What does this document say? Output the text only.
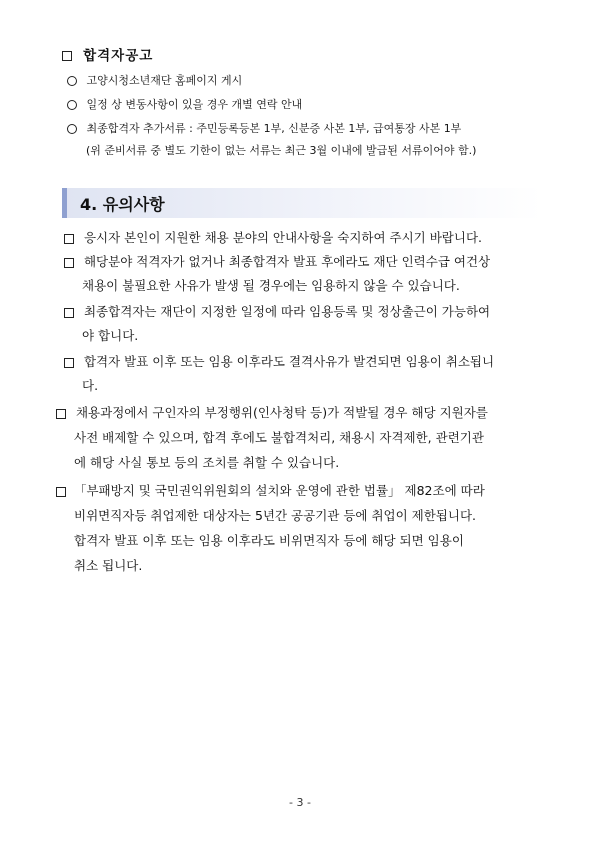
합격자공고
고양시청소년재단 홈페이지 게시
일정 상 변동사항이 있을 경우 개별 연락 안내
최종합격자 추가서류 : 주민등록등본 1부, 신분증 사본 1부, 급여통장 사본 1부
(위 준비서류 중 별도 기한이 없는 서류는 최근 3월 이내에 발급된 서류이어야 함.)
4. 유의사항
응시자 본인이 지원한 채용 분야의 안내사항을 숙지하여 주시기 바랍니다.
해당분야 적격자가 없거나 최종합격자 발표 후에라도 재단 인력수급 여건상
채용이 불필요한 사유가 발생 될 경우에는 임용하지 않을 수 있습니다.
최종합격자는 재단이 지정한 일정에 따라 임용등록 및 정상출근이 가능하여
야 합니다.
합격자 발표 이후 또는 임용 이후라도 결격사유가 발견되면 임용이 취소됩니
다.
채용과정에서 구인자의 부정행위(인사청탁 등)가 적발될 경우 해당 지원자를
사전 배제할 수 있으며, 합격 후에도 불합격처리, 채용시 자격제한, 관련기관
에 해당 사실 통보 등의 조치를 취할 수 있습니다.
「부패방지 및 국민권익위원회의 설치와 운영에 관한 법률」 제82조에 따라
비위면직자등 취업제한 대상자는 5년간 공공기관 등에 취업이 제한됩니다.
합격자 발표 이후 또는 임용 이후라도 비위면직자 등에 해당 되면 임용이
취소 됩니다.
- 3 -
